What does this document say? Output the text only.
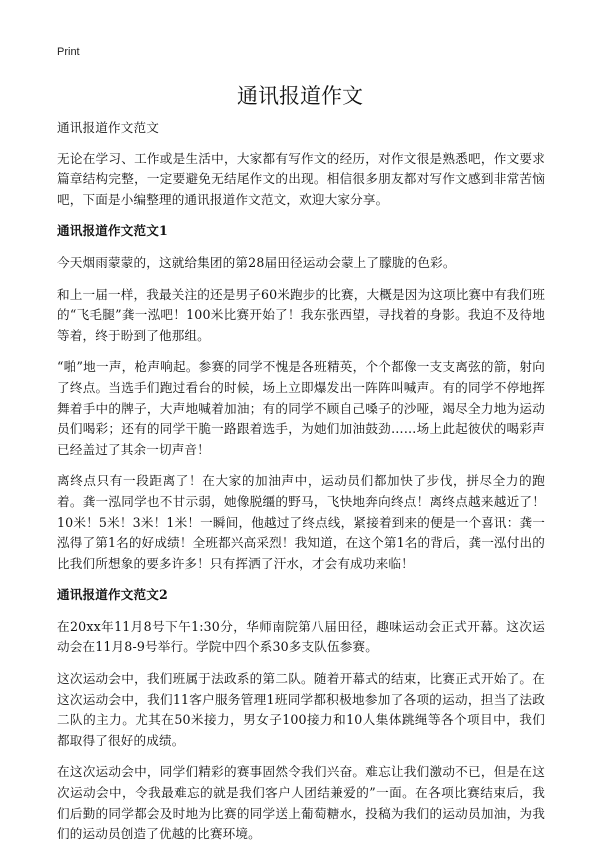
Print
通讯报道作文

通讯报道作文范文

无论在学习、工作或是生活中，大家都有写作文的经历，对作文很是熟悉吧，作文要求篇章结构完整，一定要避免无结尾作文的出现。相信很多朋友都对写作文感到非常苦恼吧，下面是小编整理的通讯报道作文范文，欢迎大家分享。

通讯报道作文范文1

今天烟雨蒙蒙的，这就给集团的第28届田径运动会蒙上了朦胧的色彩。

和上一届一样，我最关注的还是男子60米跑步的比赛，大概是因为这项比赛中有我们班的“飞毛腿”龚一泓吧！100米比赛开始了！我东张西望，寻找着的身影。我迫不及待地等着，终于盼到了他那组。

“啪”地一声，枪声响起。参赛的同学不愧是各班精英，个个都像一支支离弦的箭，射向了终点。当选手们跑过看台的时候，场上立即爆发出一阵阵叫喊声。有的同学不停地挥舞着手中的牌子，大声地喊着加油；有的同学不顾自己嗓子的沙哑，竭尽全力地为运动员们喝彩；还有的同学干脆一路跟着选手，为她们加油鼓劲……场上此起彼伏的喝彩声已经盖过了其余一切声音！

离终点只有一段距离了！在大家的加油声中，运动员们都加快了步伐，拼尽全力的跑着。龚一泓同学也不甘示弱，她像脱缰的野马，飞快地奔向终点！离终点越来越近了！10米！5米！3米！1米！一瞬间，他越过了终点线，紧接着到来的便是一个喜讯：龚一泓得了第1名的好成绩！全班都兴高采烈！我知道，在这个第1名的背后，龚一泓付出的比我们所想象的要多许多！只有挥洒了汗水，才会有成功来临！

通讯报道作文范文2

在20xx年11月8号下午1:30分，华师南院第八届田径，趣味运动会正式开幕。这次运动会在11月8-9号举行。学院中四个系30多支队伍参赛。

这次运动会中，我们班属于法政系的第二队。随着开幕式的结束，比赛正式开始了。在这次运动会中，我们11客户服务管理1班同学都积极地参加了各项的运动，担当了法政二队的主力。尤其在50米接力，男女子100接力和10人集体跳绳等各个项目中，我们都取得了很好的成绩。

在这次运动会中，同学们精彩的赛事固然令我们兴奋。难忘让我们激动不已，但是在这次运动会中，令我最难忘的就是我们客户人团结兼爱的”一面。在各项比赛结束后，我们后勤的同学都会及时地为比赛的同学送上葡萄糖水，投稿为我们的运动员加油，为我们的运动员创造了优越的比赛环境。
